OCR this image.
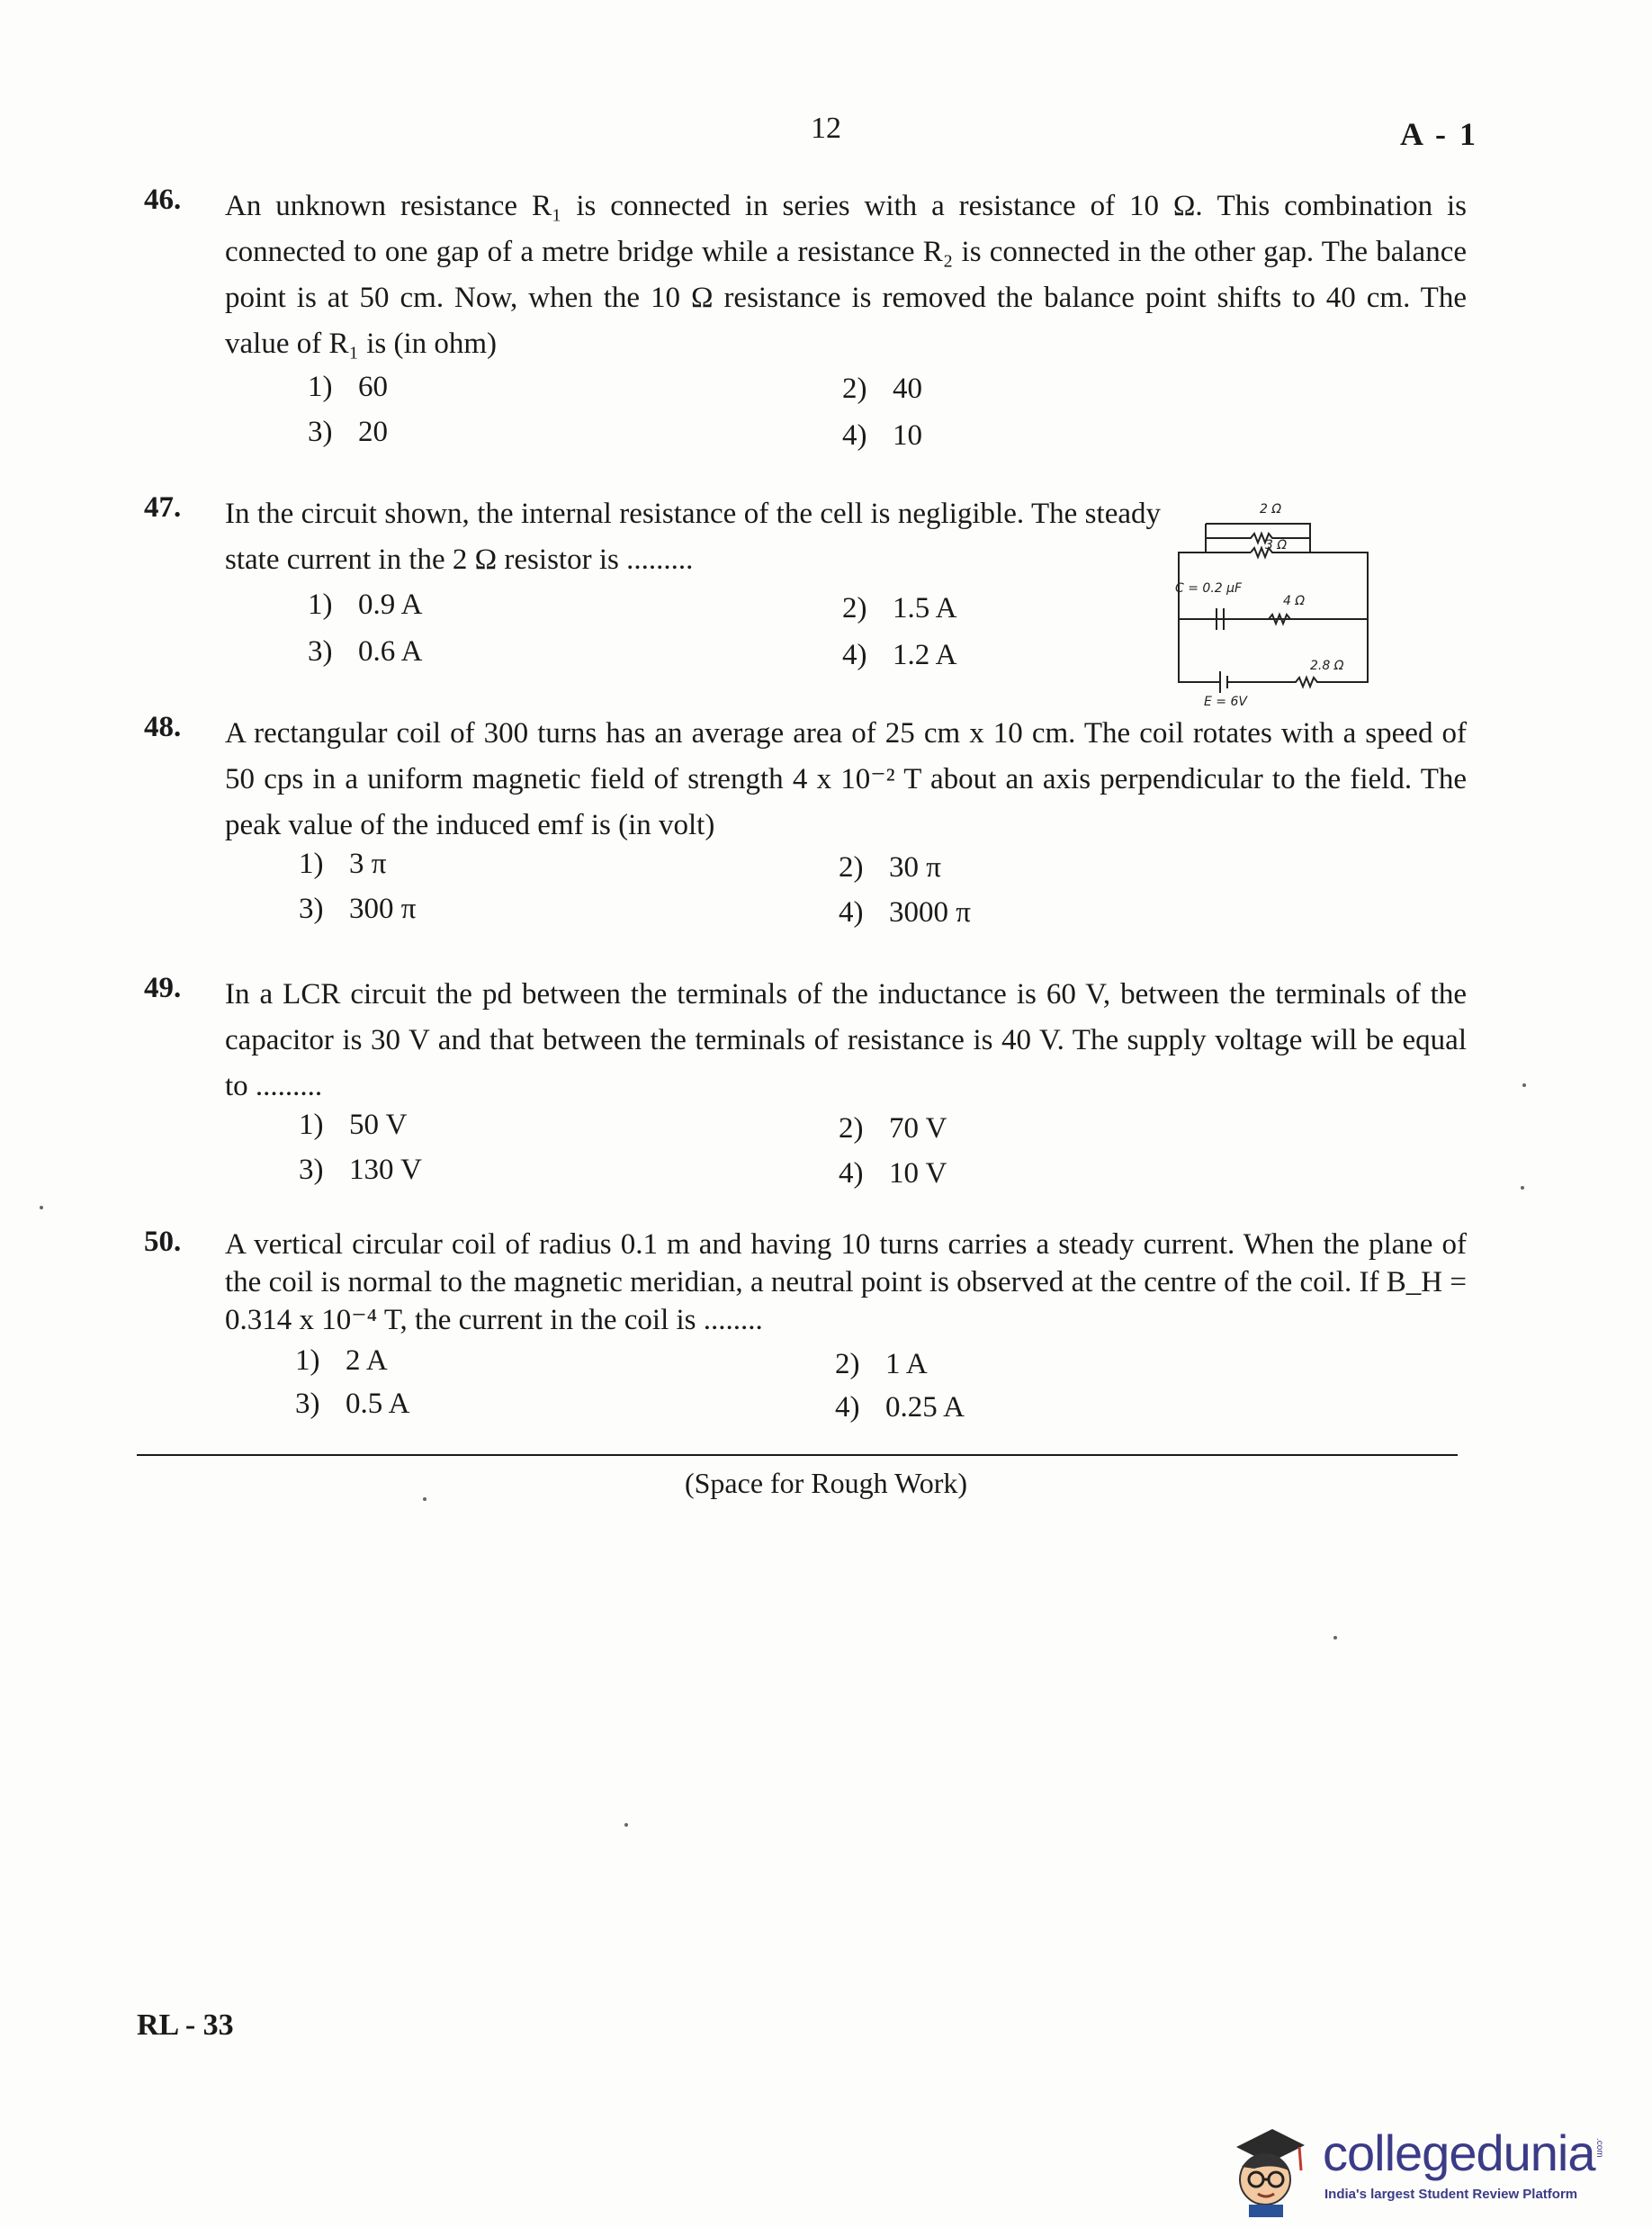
12	A - 1
46.	An unknown resistance R₁ is connected in series with a resistance of 10 Ω. This combination is connected to one gap of a metre bridge while a resistance R₂ is connected in the other gap. The balance point is at 50 cm. Now, when the 10 Ω resistance is removed the balance point shifts to 40 cm. The value of R₁ is (in ohm)
1) 60	2) 40
3) 20	4) 10
47.	In the circuit shown, the internal resistance of the cell is negligible. The steady state current in the 2 Ω resistor is .........
1) 0.9 A	2) 1.5 A
3) 0.6 A	4) 1.2 A
2 Ω
3 Ω
C = 0.2 μF
4 Ω
2.8 Ω
E = 6V
48.	A rectangular coil of 300 turns has an average area of 25 cm x 10 cm. The coil rotates with a speed of 50 cps in a uniform magnetic field of strength 4 x 10⁻² T about an axis perpendicular to the field. The peak value of the induced emf is (in volt)
1) 3 π	2) 30 π
3) 300 π	4) 3000 π
49.	In a LCR circuit the pd between the terminals of the inductance is 60 V, between the terminals of the capacitor is 30 V and that between the terminals of resistance is 40 V. The supply voltage will be equal to .........
1) 50 V	2) 70 V
3) 130 V	4) 10 V
50.	A vertical circular coil of radius 0.1 m and having 10 turns carries a steady current. When the plane of the coil is normal to the magnetic meridian, a neutral point is observed at the centre of the coil. If B_H = 0.314 x 10⁻⁴ T, the current in the coil is ........
1) 2 A	2) 1 A
3) 0.5 A	4) 0.25 A
(Space for Rough Work)
RL - 33
collegedunia .com
India's largest Student Review Platform
